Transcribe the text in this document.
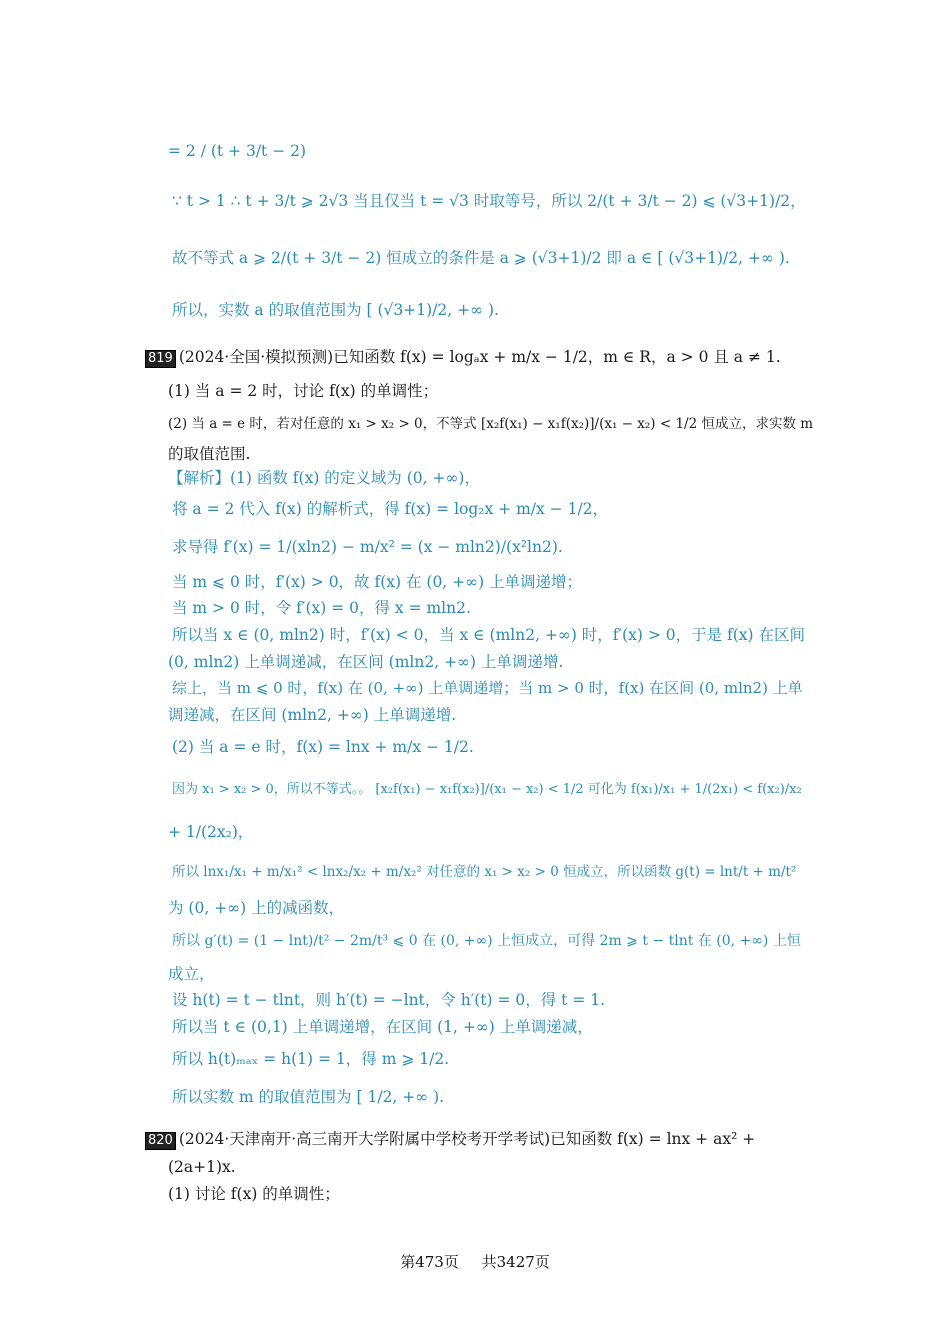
= 2 / (t + 3/t − 2)
∵ t > 1 ∴ t + 3/t ⩾ 2√3 当且仅当 t = √3 时取等号，所以 2/(t + 3/t − 2) ⩽ (√3+1)/2，
故不等式 a ⩾ 2/(t + 3/t − 2) 恒成立的条件是 a ⩾ (√3+1)/2 即 a ∈ [ (√3+1)/2, +∞ ).
所以，实数 a 的取值范围为 [ (√3+1)/2, +∞ ).
819 (2024·全国·模拟预测)已知函数 f(x) = logₐx + m/x − 1/2，m ∈ R，a > 0 且 a ≠ 1.
(1) 当 a = 2 时，讨论 f(x) 的单调性；
(2) 当 a = e 时，若对任意的 x₁ > x₂ > 0，不等式 [x₂f(x₁) − x₁f(x₂)]/(x₁ − x₂) < 1/2 恒成立，求实数 m
的取值范围.
【解析】(1) 函数 f(x) 的定义域为 (0, +∞)，
将 a = 2 代入 f(x) 的解析式，得 f(x) = log₂x + m/x − 1/2，
求导得 f′(x) = 1/(xln2) − m/x² = (x − mln2)/(x²ln2).
当 m ⩽ 0 时，f′(x) > 0，故 f(x) 在 (0, +∞) 上单调递增；
当 m > 0 时，令 f′(x) = 0，得 x = mln2.
所以当 x ∈ (0, mln2) 时，f′(x) < 0，当 x ∈ (mln2, +∞) 时，f′(x) > 0，于是 f(x) 在区间
(0, mln2) 上单调递减，在区间 (mln2, +∞) 上单调递增.
综上，当 m ⩽ 0 时，f(x) 在 (0, +∞) 上单调递增；当 m > 0 时，f(x) 在区间 (0, mln2) 上单
调递减，在区间 (mln2, +∞) 上单调递增.
(2) 当 a = e 时，f(x) = lnx + m/x − 1/2.
因为 x₁ > x₂ > 0，所以不等式。。 [x₂f(x₁) − x₁f(x₂)]/(x₁ − x₂) < 1/2 可化为 f(x₁)/x₁ + 1/(2x₁) < f(x₂)/x₂
+ 1/(2x₂)，
所以 lnx₁/x₁ + m/x₁² < lnx₂/x₂ + m/x₂² 对任意的 x₁ > x₂ > 0 恒成立，所以函数 g(t) = lnt/t + m/t²
为 (0, +∞) 上的减函数，
所以 g′(t) = (1 − lnt)/t² − 2m/t³ ⩽ 0 在 (0, +∞) 上恒成立，可得 2m ⩾ t − tlnt 在 (0, +∞) 上恒
成立，
设 h(t) = t − tlnt，则 h′(t) = −lnt，令 h′(t) = 0，得 t = 1.
所以当 t ∈ (0,1) 上单调递增，在区间 (1, +∞) 上单调递减，
所以 h(t)ₘₐₓ = h(1) = 1，得 m ⩾ 1/2.
所以实数 m 的取值范围为 [ 1/2, +∞ ).
820 (2024·天津南开·高三南开大学附属中学校考开学考试)已知函数 f(x) = lnx + ax² +
(2a+1)x.
(1) 讨论 f(x) 的单调性；
第473页 共3427页
